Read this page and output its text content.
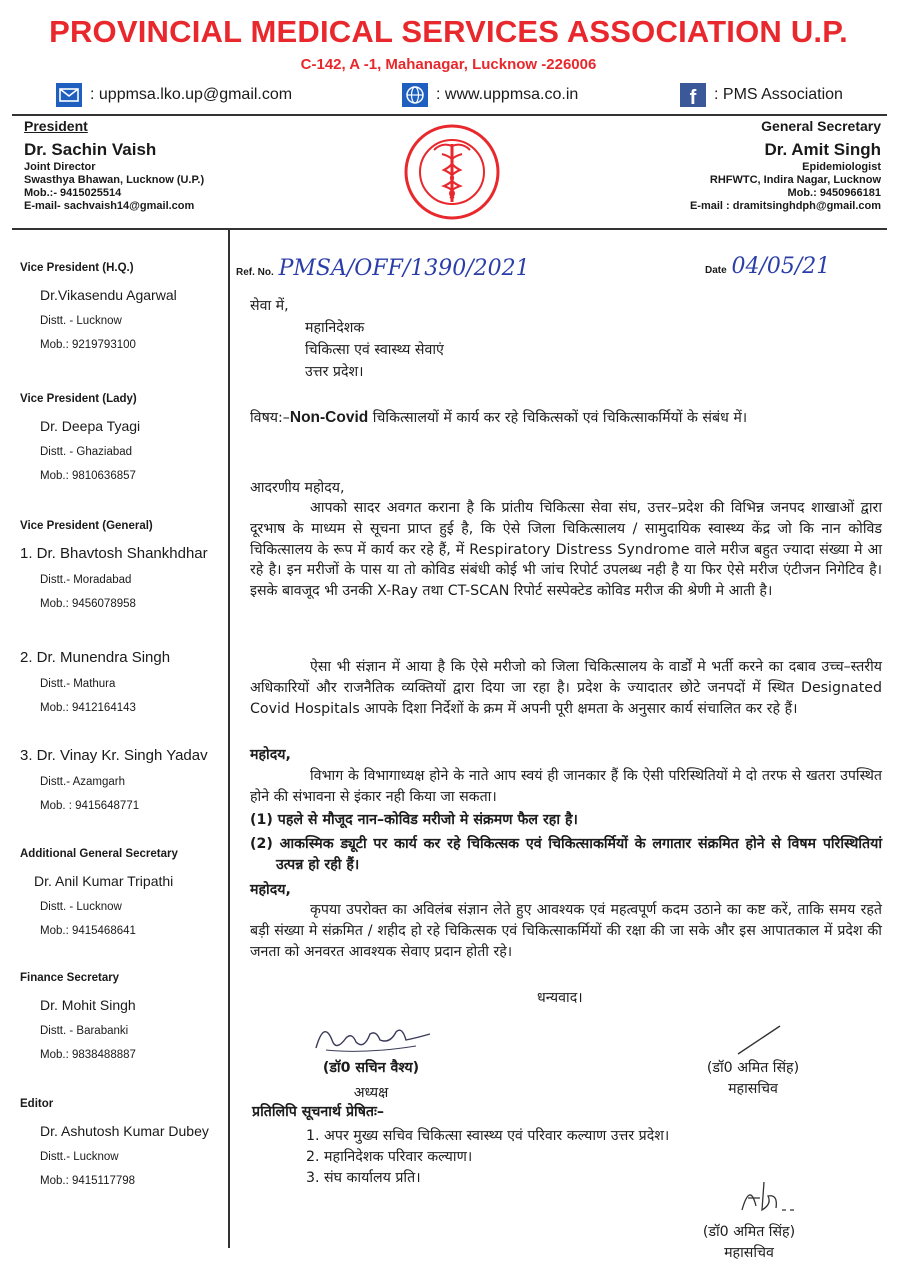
PROVINCIAL MEDICAL SERVICES ASSOCIATION U.P.
C-142, A -1, Mahanagar, Lucknow -226006
: uppmsa.lko.up@gmail.com	: www.uppmsa.co.in	f : PMS Association
President
Dr. Sachin Vaish
Joint Director
Swasthya Bhawan, Lucknow (U.P.)
Mob.:- 9415025514
E-mail- sachvaish14@gmail.com
General Secretary
Dr. Amit Singh
Epidemiologist
RHFWTC, Indira Nagar, Lucknow
Mob.: 9450966181
E-mail : dramitsinghdph@gmail.com
Vice President (H.Q.)
Dr.Vikasendu Agarwal
Distt. - Lucknow
Mob.: 9219793100
Vice President (Lady)
Dr. Deepa Tyagi
Distt. - Ghaziabad
Mob.: 9810636857
Vice President (General)
1. Dr. Bhavtosh Shankhdhar
Distt.- Moradabad
Mob.: 9456078958
2. Dr. Munendra Singh
Distt.- Mathura
Mob.: 9412164143
3. Dr. Vinay Kr. Singh Yadav
Distt.- Azamgarh
Mob. : 9415648771
Additional General Secretary
Dr. Anil Kumar Tripathi
Distt. - Lucknow
Mob.: 9415468641
Finance Secretary
Dr. Mohit Singh
Distt. - Barabanki
Mob.: 9838488887
Editor
Dr. Ashutosh Kumar Dubey
Distt.- Lucknow
Mob.: 9415117798
Ref. No. PMSA/OFF/1390/2021	Date 04/05/21
सेवा में,
महानिदेशक
चिकित्सा एवं स्वास्थ्य सेवाएं
उत्तर प्रदेश।
विषय:–Non-Covid चिकित्सालयों में कार्य कर रहे चिकित्सकों एवं चिकित्साकर्मियों के संबंध में।
आदरणीय महोदय,
आपको सादर अवगत कराना है कि प्रांतीय चिकित्सा सेवा संघ, उत्तर–प्रदेश की विभिन्न जनपद शाखाओं द्वारा दूरभाष के माध्यम से सूचना प्राप्त हुई है, कि ऐसे जिला चिकित्सालय / सामुदायिक स्वास्थ्य केंद्र जो कि नान कोविड चिकित्सालय के रूप में कार्य कर रहे हैं, में Respiratory Distress Syndrome वाले मरीज बहुत ज्यादा संख्या मे आ रहे है। इन मरीजों के पास या तो कोविड संबंधी कोई भी जांच रिपोर्ट उपलब्ध नही है या फिर ऐसे मरीज एंटीजन निगेटिव है। इसके बावजूद भी उनकी X-Ray तथा CT-SCAN रिपोर्ट सस्पेक्टेड कोविड मरीज की श्रेणी मे आती है।
ऐसा भी संज्ञान में आया है कि ऐसे मरीजो को जिला चिकित्सालय के वार्डों मे भर्ती करने का दबाव उच्च–स्तरीय अधिकारियों और राजनैतिक व्यक्तियों द्वारा दिया जा रहा है। प्रदेश के ज्यादातर छोटे जनपदों में स्थित Designated Covid Hospitals आपके दिशा निर्देशों के क्रम में अपनी पूरी क्षमता के अनुसार कार्य संचालित कर रहे हैं।
महोदय,
विभाग के विभागाध्यक्ष होने के नाते आप स्वयं ही जानकार हैं कि ऐसी परिस्थितियों मे दो तरफ से खतरा उपस्थित होने की संभावना से इंकार नही किया जा सकता।
(1) पहले से मौजूद नान–कोविड मरीजो मे संक्रमण फैल रहा है।
(2) आकस्मिक ड्यूटी पर कार्य कर रहे चिकित्सक एवं चिकित्साकर्मियों के लगातार संक्रमित होने से विषम परिस्थितियां उत्पन्न हो रही हैं।
महोदय,
कृपया उपरोक्त का अविलंब संज्ञान लेते हुए आवश्यक एवं महत्वपूर्ण कदम उठाने का कष्ट करें, ताकि समय रहते बड़ी संख्या मे संक्रमित / शहीद हो रहे चिकित्सक एवं चिकित्साकर्मियों की रक्षा की जा सके और इस आपातकाल में प्रदेश की जनता को अनवरत आवश्यक सेवाए प्रदान होती रहे।
धन्यवाद।
(डॉ0 सचिन वैश्य)
अध्यक्ष
(डॉ0 अमित सिंह)
महासचिव
प्रतिलिपि सूचनार्थ प्रेषितः–
1. अपर मुख्य सचिव चिकित्सा स्वास्थ्य एवं परिवार कल्याण उत्तर प्रदेश।
2. महानिदेशक परिवार कल्याण।
3. संघ कार्यालय प्रति।
(डॉ0 अमित सिंह)
महासचिव
